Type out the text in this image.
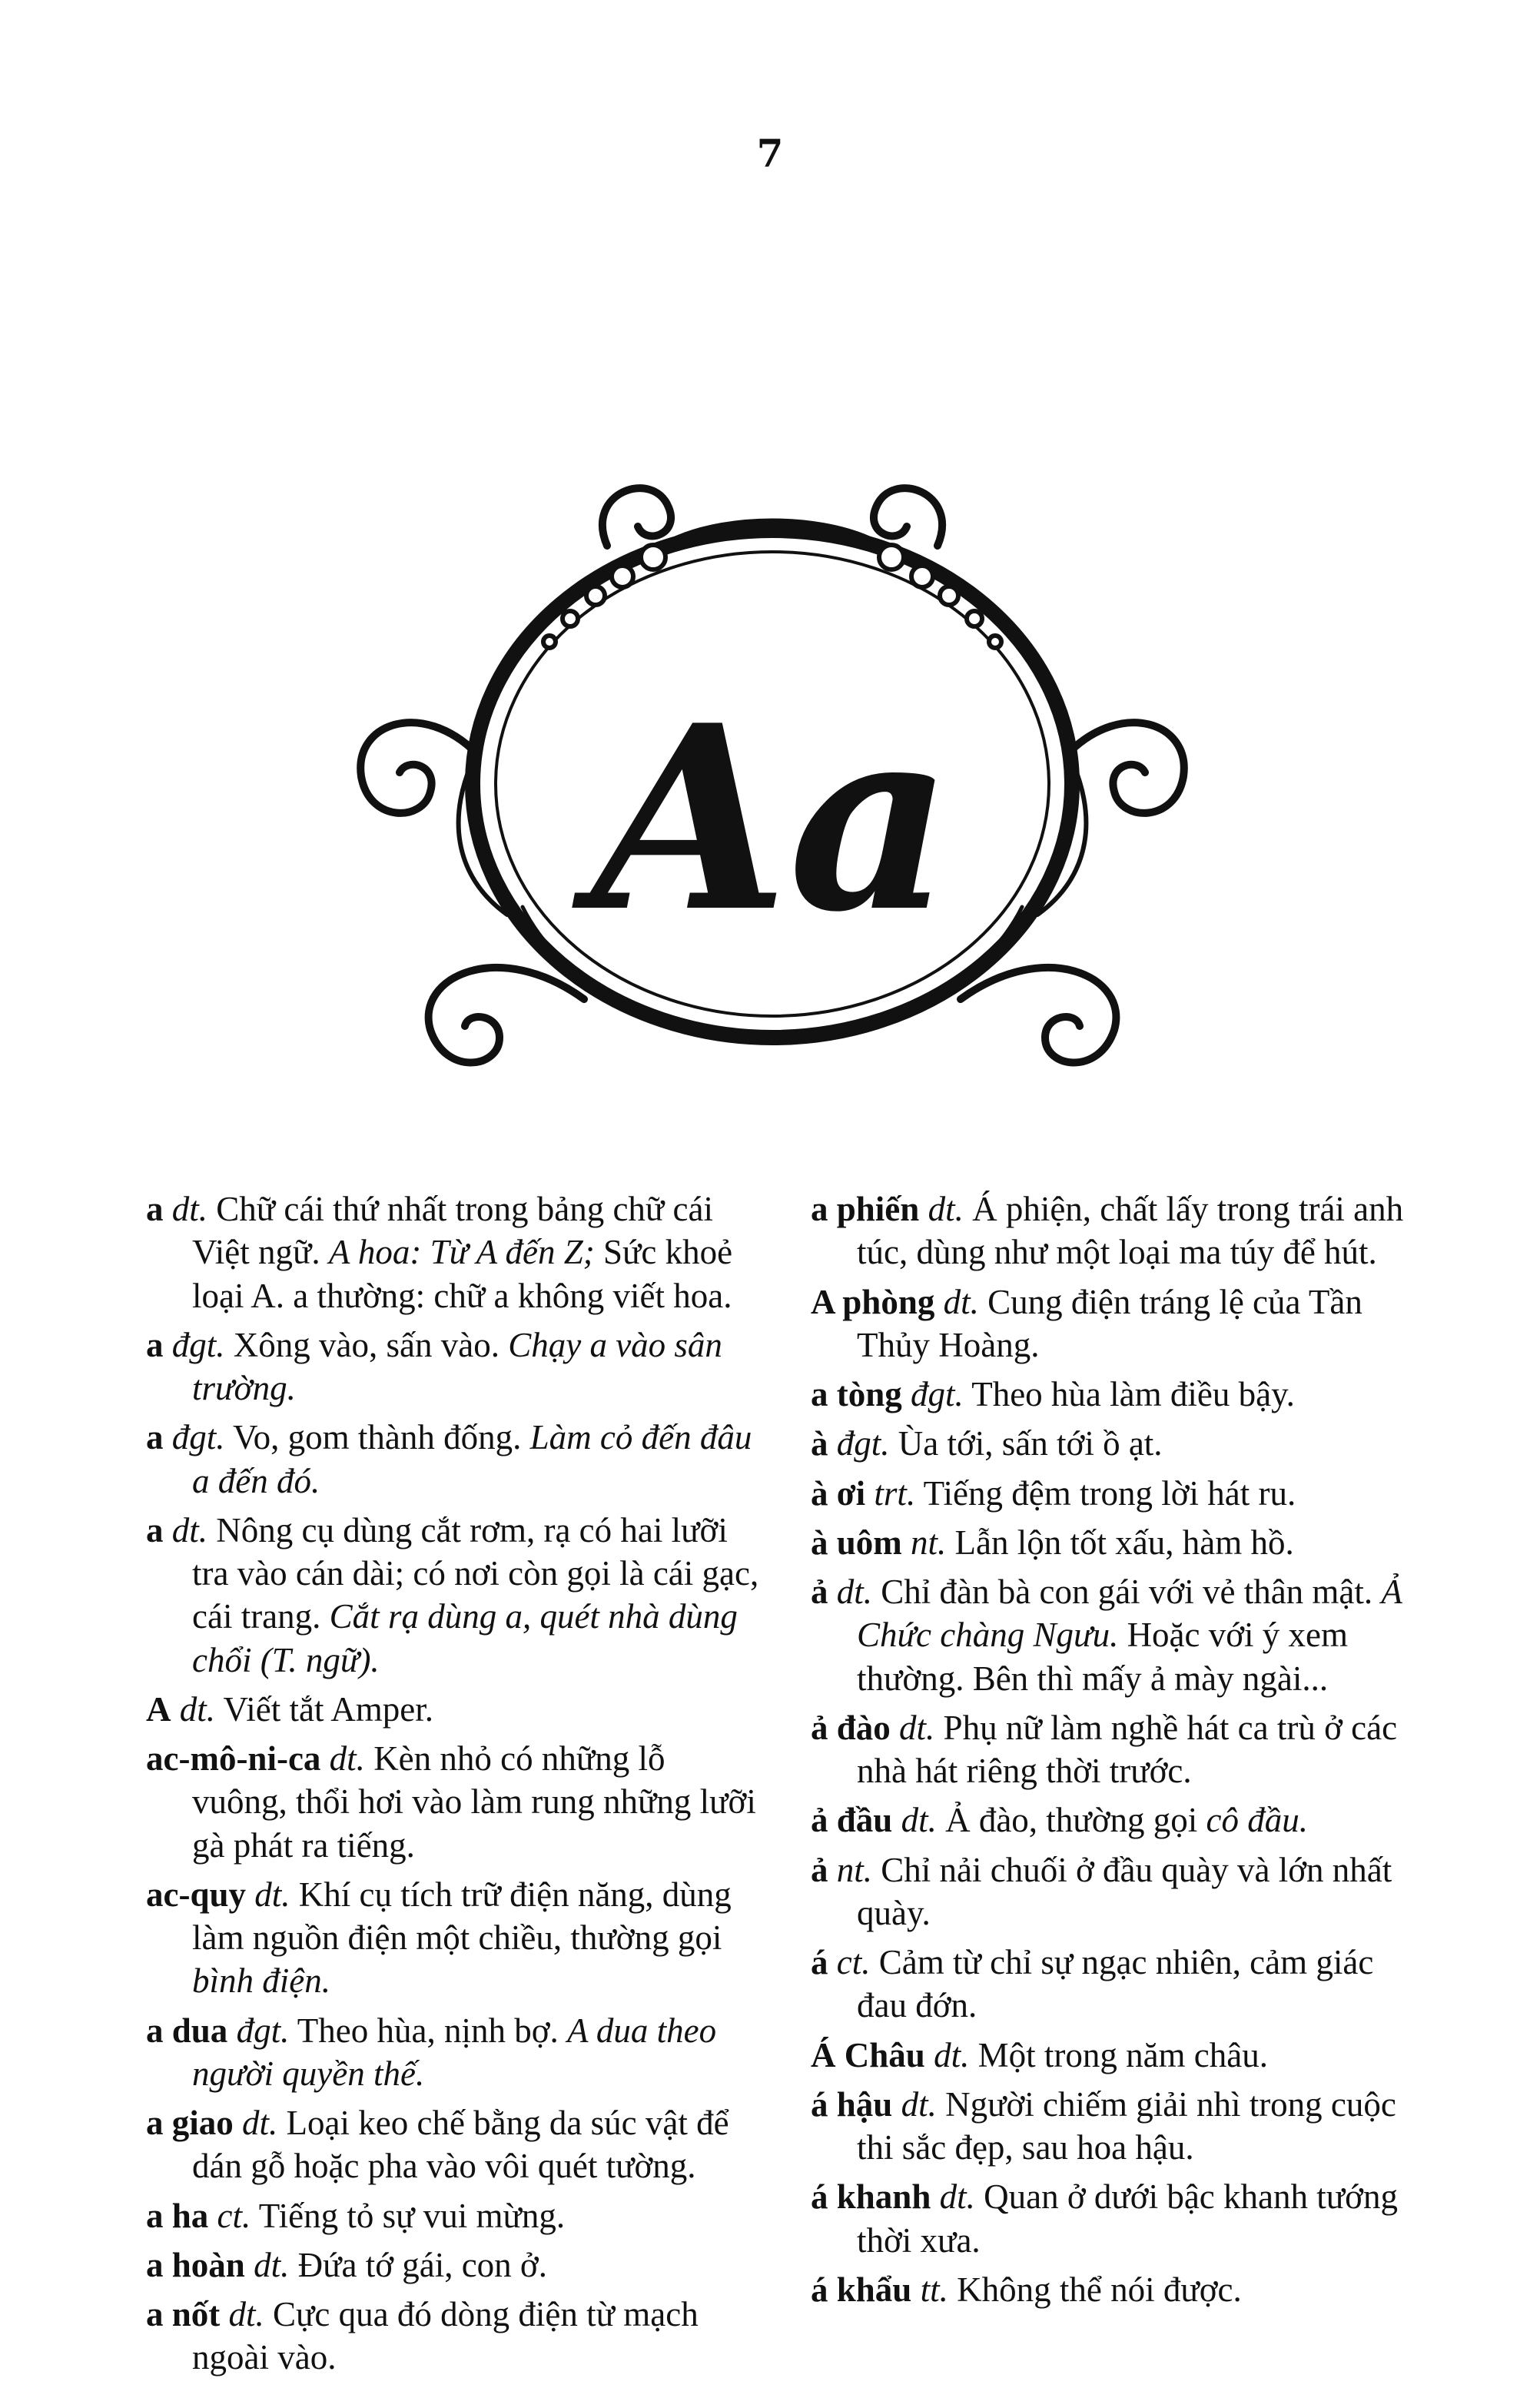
7
Aa

a dt. Chữ cái thứ nhất trong bảng chữ cái Việt ngữ. A hoa: Từ A đến Z; Sức khoẻ loại A. a thường: chữ a không viết hoa.

a đgt. Xông vào, sấn vào. Chạy a vào sân trường.

a đgt. Vo, gom thành đống. Làm cỏ đến đâu a đến đó.

a dt. Nông cụ dùng cắt rơm, rạ có hai lưỡi tra vào cán dài; có nơi còn gọi là cái gạc, cái trang. Cắt rạ dùng a, quét nhà dùng chổi (T. ngữ).

A dt. Viết tắt Amper.

ac-mô-ni-ca dt. Kèn nhỏ có những lỗ vuông, thổi hơi vào làm rung những lưỡi gà phát ra tiếng.

ac-quy dt. Khí cụ tích trữ điện năng, dùng làm nguồn điện một chiều, thường gọi bình điện.

a dua đgt. Theo hùa, nịnh bợ. A dua theo người quyền thế.

a giao dt. Loại keo chế bằng da súc vật để dán gỗ hoặc pha vào vôi quét tường.

a ha ct. Tiếng tỏ sự vui mừng.

a hoàn dt. Đứa tớ gái, con ở.

a nốt dt. Cực qua đó dòng điện từ mạch ngoài vào.

a phiến dt. Á phiện, chất lấy trong trái anh túc, dùng như một loại ma túy để hút.

A phòng dt. Cung điện tráng lệ của Tần Thủy Hoàng.

a tòng đgt. Theo hùa làm điều bậy.

à đgt. Ùa tới, sấn tới ồ ạt.

à ơi trt. Tiếng đệm trong lời hát ru.

à uôm nt. Lẫn lộn tốt xấu, hàm hồ.

ả dt. Chỉ đàn bà con gái với vẻ thân mật. Ả Chức chàng Ngưu. Hoặc với ý xem thường. Bên thì mấy ả mày ngài...

ả đào dt. Phụ nữ làm nghề hát ca trù ở các nhà hát riêng thời trước.

ả đầu dt. Ả đào, thường gọi cô đầu.

ả nt. Chỉ nải chuối ở đầu quày và lớn nhất quày.

á ct. Cảm từ chỉ sự ngạc nhiên, cảm giác đau đớn.

Á Châu dt. Một trong năm châu.

á hậu dt. Người chiếm giải nhì trong cuộc thi sắc đẹp, sau hoa hậu.

á khanh dt. Quan ở dưới bậc khanh tướng thời xưa.

á khẩu tt. Không thể nói được.
